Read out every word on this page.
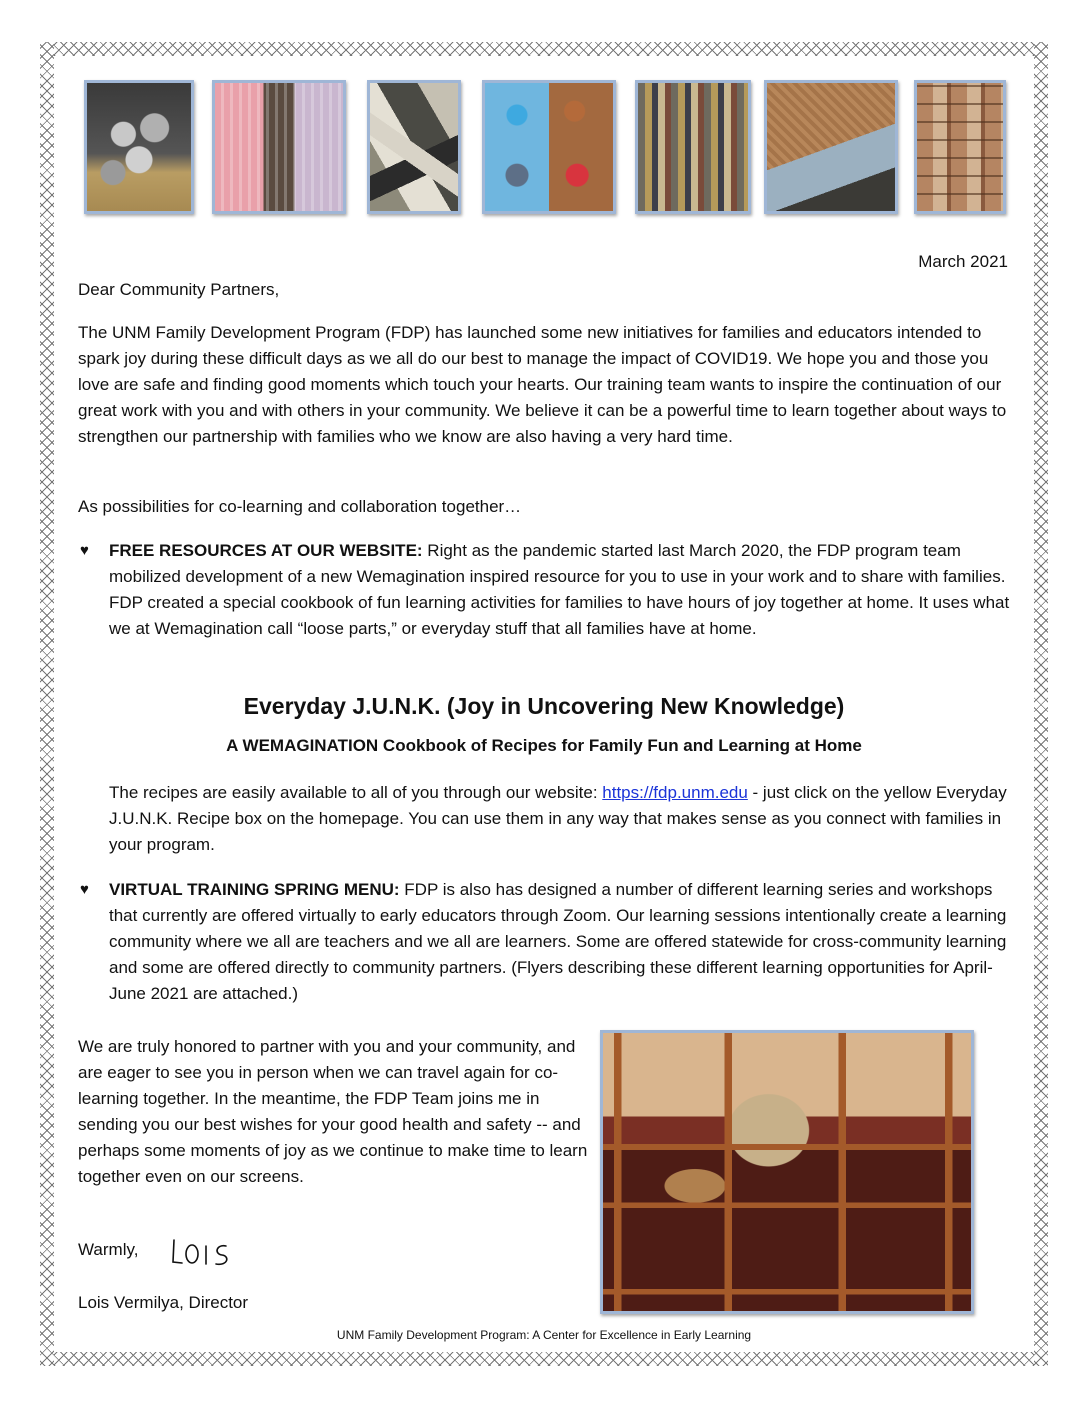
March 2021
Dear Community Partners,
The UNM Family Development Program (FDP) has launched some new initiatives for families and educators intended to spark joy during these difficult days as we all do our best to manage the impact of COVID19. We hope you and those you love are safe and finding good moments which touch your hearts. Our training team wants to inspire the continuation of our great work with you and with others in your community. We believe it can be a powerful time to learn together about ways to strengthen our partnership with families who we know are also having a very hard time.
As possibilities for co-learning and collaboration together…
♥ FREE RESOURCES AT OUR WEBSITE: Right as the pandemic started last March 2020, the FDP program team mobilized development of a new Wemagination inspired resource for you to use in your work and to share with families. FDP created a special cookbook of fun learning activities for families to have hours of joy together at home. It uses what we at Wemagination call “loose parts,” or everyday stuff that all families have at home.
Everyday J.U.N.K. (Joy in Uncovering New Knowledge)
A WEMAGINATION Cookbook of Recipes for Family Fun and Learning at Home
The recipes are easily available to all of you through our website: https://fdp.unm.edu - just click on the yellow Everyday J.U.N.K. Recipe box on the homepage. You can use them in any way that makes sense as you connect with families in your program.
♥ VIRTUAL TRAINING SPRING MENU: FDP is also has designed a number of different learning series and workshops that currently are offered virtually to early educators through Zoom. Our learning sessions intentionally create a learning community where we all are teachers and we all are learners. Some are offered statewide for cross-community learning and some are offered directly to community partners. (Flyers describing these different learning opportunities for April-June 2021 are attached.)
We are truly honored to partner with you and your community, and are eager to see you in person when we can travel again for co-learning together. In the meantime, the FDP Team joins me in sending you our best wishes for your good health and safety -- and perhaps some moments of joy as we continue to make time to learn together even on our screens.
Warmly,
Lois Vermilya, Director
UNM Family Development Program: A Center for Excellence in Early Learning
